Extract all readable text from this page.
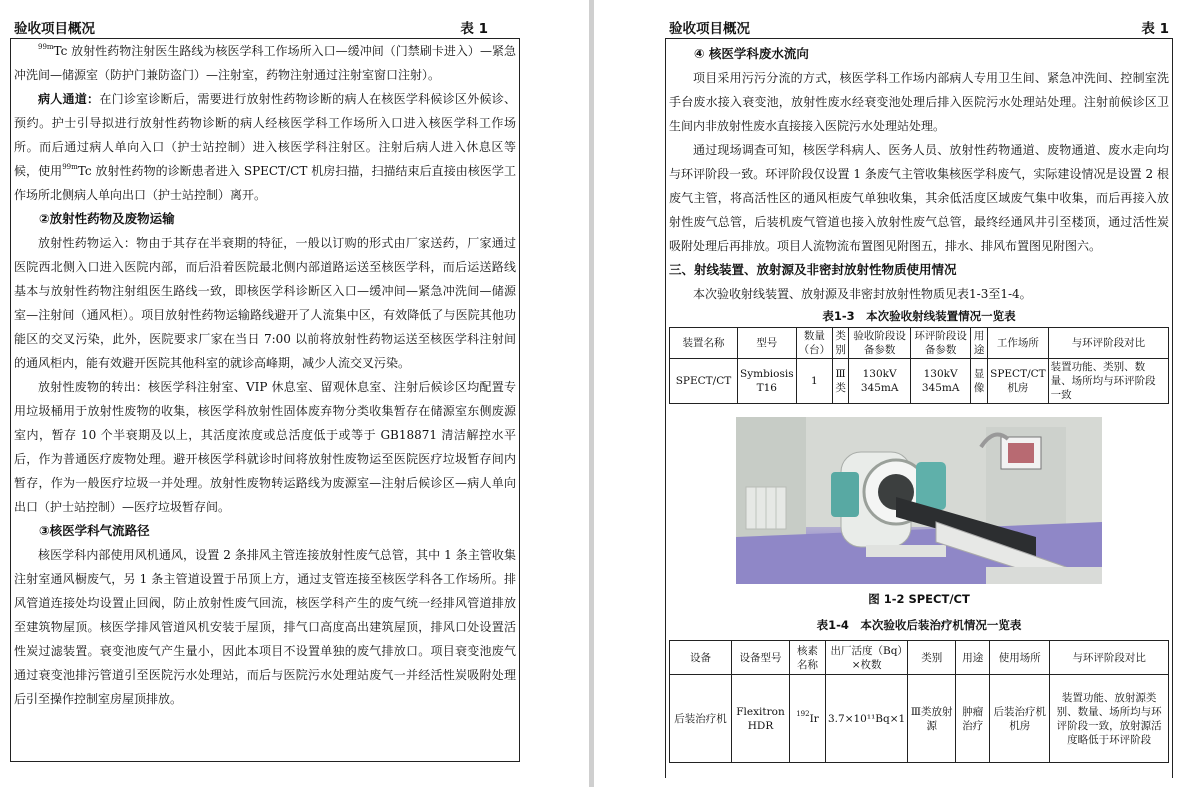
验收项目概况	表 1

$^{99m}$Tc 放射性药物注射医生路线为核医学科工作场所入口—缓冲间（门禁刷卡进入）—紧急冲洗间—储源室（防护门兼防盗门）—注射室，药物注射通过注射室窗口注射）。

病人通道：在门诊室诊断后，需要进行放射性药物诊断的病人在核医学科候诊区外候诊、预约。护士引导拟进行放射性药物诊断的病人经核医学科工作场所入口进入核医学科工作场所。而后通过病人单向入口（护士站控制）进入核医学科注射区。注射后病人进入休息区等候，使用$^{99m}$Tc 放射性药物的诊断患者进入 SPECT/CT 机房扫描，扫描结束后直接由核医学工作场所北侧病人单向出口（护士站控制）离开。

②放射性药物及废物运输

放射性药物运入：物由于其存在半衰期的特征，一般以订购的形式由厂家送药，厂家通过医院西北侧入口进入医院内部，而后沿着医院最北侧内部道路运送至核医学科，而后运送路线基本与放射性药物注射组医生路线一致，即核医学科诊断区入口—缓冲间—紧急冲洗间—储源室—注射间（通风柜）。项目放射性药物运输路线避开了人流集中区，有效降低了与医院其他功能区的交叉污染，此外，医院要求厂家在当日 7:00 以前将放射性药物运送至核医学科注射间的通风柜内，能有效避开医院其他科室的就诊高峰期，减少人流交叉污染。

放射性废物的转出：核医学科注射室、VIP 休息室、留观休息室、注射后候诊区均配置专用垃圾桶用于放射性废物的收集，核医学科放射性固体废弃物分类收集暂存在储源室东侧废源室内，暂存 10 个半衰期及以上，其活度浓度或总活度低于或等于 GB18871 清洁解控水平后，作为普通医疗废物处理。避开核医学科就诊时间将放射性废物运至医院医疗垃圾暂存间内暂存，作为一般医疗垃圾一并处理。放射性废物转运路线为废源室—注射后候诊区—病人单向出口（护士站控制）—医疗垃圾暂存间。

③核医学科气流路径

核医学科内部使用风机通风，设置 2 条排风主管连接放射性废气总管，其中 1 条主管收集注射室通风橱废气，另 1 条主管道设置于吊顶上方，通过支管连接至核医学科各工作场所。排风管道连接处均设置止回阀，防止放射性废气回流，核医学科产生的废气统一经排风管道排放至建筑物屋顶。核医学排风管道风机安装于屋顶，排气口高度高出建筑屋顶，排风口处设置活性炭过滤装置。衰变池废气产生量小，因此本项目不设置单独的废气排放口。项目衰变池废气通过衰变池排污管道引至医院污水处理站，而后与医院污水处理站废气一并经活性炭吸附处理后引至操作控制室房屋顶排放。

验收项目概况	表 1

④ 核医学科废水流向

项目采用污污分流的方式，核医学科工作场内部病人专用卫生间、紧急冲洗间、控制室洗手台废水接入衰变池，放射性废水经衰变池处理后排入医院污水处理站处理。注射前候诊区卫生间内非放射性废水直接接入医院污水处理站处理。

通过现场调查可知，核医学科病人、医务人员、放射性药物通道、废物通道、废水走向均与环评阶段一致。环评阶段仅设置 1 条废气主管收集核医学科废气，实际建设情况是设置 2 根废气主管，将高活性区的通风柜废气单独收集，其余低活度区域废气集中收集，而后再接入放射性废气总管，后装机废气管道也接入放射性废气总管，最终经通风井引至楼顶，通过活性炭吸附处理后再排放。项目人流物流布置图见附图五，排水、排风布置图见附图六。

三、射线装置、放射源及非密封放射性物质使用情况

本次验收射线装置、放射源及非密封放射性物质见表1-3至1-4。

表1-3　本次验收射线装置情况一览表

装置名称	型号	数量（台）	类别	验收阶段设备参数	环评阶段设备参数	用途	工作场所	与环评阶段对比
SPECT/CT	Symbiosis T16	1	Ⅲ类	130kV 345mA	130kV 345mA	显像	SPECT/CT机房	装置功能、类别、数量、场所均与环评阶段一致

图 1-2 SPECT/CT

表1-4　本次验收后装治疗机情况一览表

设备	设备型号	核素名称	出厂活度（Bq）×枚数	类别	用途	使用场所	与环评阶段对比
后装治疗机	Flexitron HDR	$^{192}$Ir	3.7×10¹¹Bq×1	Ⅲ类放射源	肿瘤治疗	后装治疗机机房	装置功能、放射源类别、数量、场所均与环评阶段一致，放射源活度略低于环评阶段
